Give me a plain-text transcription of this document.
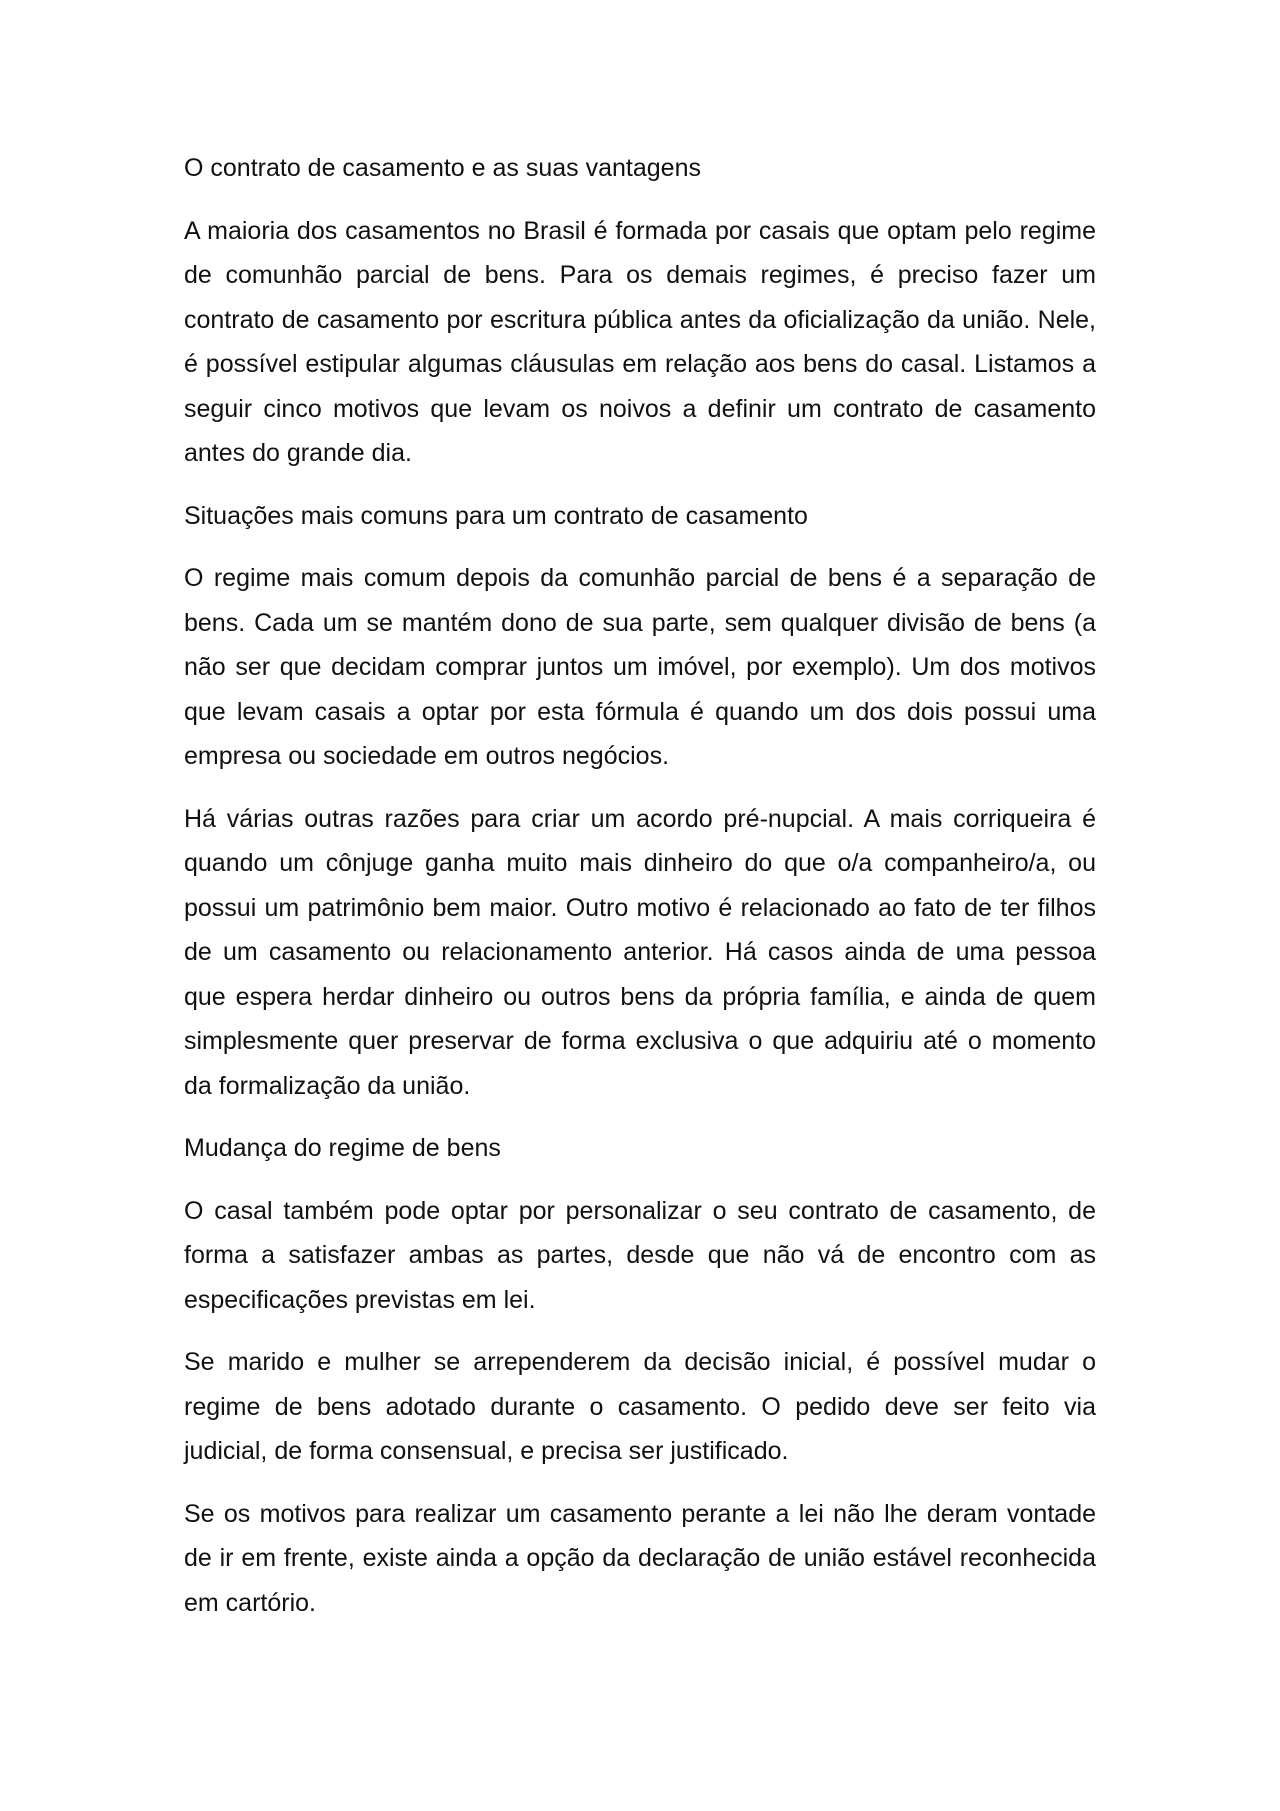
O contrato de casamento e as suas vantagens

A maioria dos casamentos no Brasil é formada por casais que optam pelo regime de comunhão parcial de bens. Para os demais regimes, é preciso fazer um contrato de casamento por escritura pública antes da oficialização da união. Nele, é possível estipular algumas cláusulas em relação aos bens do casal. Listamos a seguir cinco motivos que levam os noivos a definir um contrato de casamento antes do grande dia.

Situações mais comuns para um contrato de casamento

O regime mais comum depois da comunhão parcial de bens é a separação de bens. Cada um se mantém dono de sua parte, sem qualquer divisão de bens (a não ser que decidam comprar juntos um imóvel, por exemplo). Um dos motivos que levam casais a optar por esta fórmula é quando um dos dois possui uma empresa ou sociedade em outros negócios.

Há várias outras razões para criar um acordo pré-nupcial. A mais corriqueira é quando um cônjuge ganha muito mais dinheiro do que o/a companheiro/a, ou possui um patrimônio bem maior. Outro motivo é relacionado ao fato de ter filhos de um casamento ou relacionamento anterior. Há casos ainda de uma pessoa que espera herdar dinheiro ou outros bens da própria família, e ainda de quem simplesmente quer preservar de forma exclusiva o que adquiriu até o momento da formalização da união.

Mudança do regime de bens

O casal também pode optar por personalizar o seu contrato de casamento, de forma a satisfazer ambas as partes, desde que não vá de encontro com as especificações previstas em lei.

Se marido e mulher se arrependerem da decisão inicial, é possível mudar o regime de bens adotado durante o casamento. O pedido deve ser feito via judicial, de forma consensual, e precisa ser justificado.

Se os motivos para realizar um casamento perante a lei não lhe deram vontade de ir em frente, existe ainda a opção da declaração de união estável reconhecida em cartório.
